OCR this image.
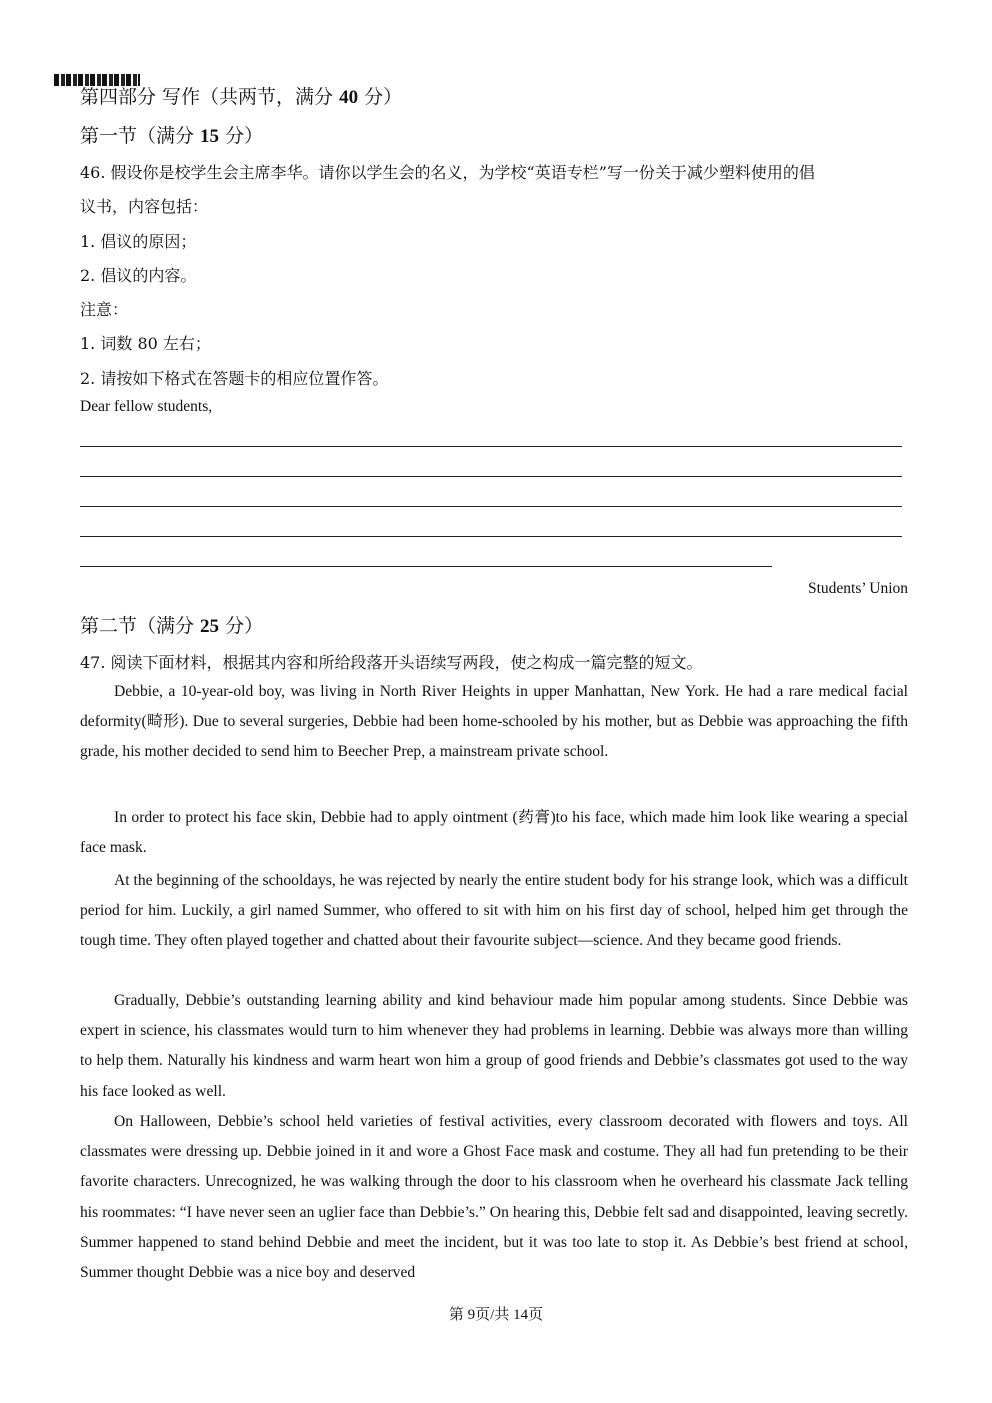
第四部分 写作（共两节，满分 40 分）
第一节（满分 15 分）
46. 假设你是校学生会主席李华。请你以学生会的名义，为学校“英语专栏”写一份关于减少塑料使用的倡
议书，内容包括：
1. 倡议的原因；
2. 倡议的内容。
注意：
1. 词数 80 左右；
2. 请按如下格式在答题卡的相应位置作答。
Dear fellow students,
Students’ Union
第二节（满分 25 分）
47. 阅读下面材料，根据其内容和所给段落开头语续写两段，使之构成一篇完整的短文。
Debbie, a 10-year-old boy, was living in North River Heights in upper Manhattan, New York. He had a rare medical facial deformity(畸形). Due to several surgeries, Debbie had been home-schooled by his mother, but as Debbie was approaching the fifth grade, his mother decided to send him to Beecher Prep, a mainstream private school.
In order to protect his face skin, Debbie had to apply ointment (药膏)to his face, which made him look like wearing a special face mask.
At the beginning of the schooldays, he was rejected by nearly the entire student body for his strange look, which was a difficult period for him. Luckily, a girl named Summer, who offered to sit with him on his first day of school, helped him get through the tough time. They often played together and chatted about their favourite subject—science. And they became good friends.
Gradually, Debbie’s outstanding learning ability and kind behaviour made him popular among students. Since Debbie was expert in science, his classmates would turn to him whenever they had problems in learning. Debbie was always more than willing to help them. Naturally his kindness and warm heart won him a group of good friends and Debbie’s classmates got used to the way his face looked as well.
On Halloween, Debbie’s school held varieties of festival activities, every classroom decorated with flowers and toys. All classmates were dressing up. Debbie joined in it and wore a Ghost Face mask and costume. They all had fun pretending to be their favorite characters. Unrecognized, he was walking through the door to his classroom when he overheard his classmate Jack telling his roommates: “I have never seen an uglier face than Debbie’s.” On hearing this, Debbie felt sad and disappointed, leaving secretly. Summer happened to stand behind Debbie and meet the incident, but it was too late to stop it. As Debbie’s best friend at school, Summer thought Debbie was a nice boy and deserved
第 9页/共 14页
